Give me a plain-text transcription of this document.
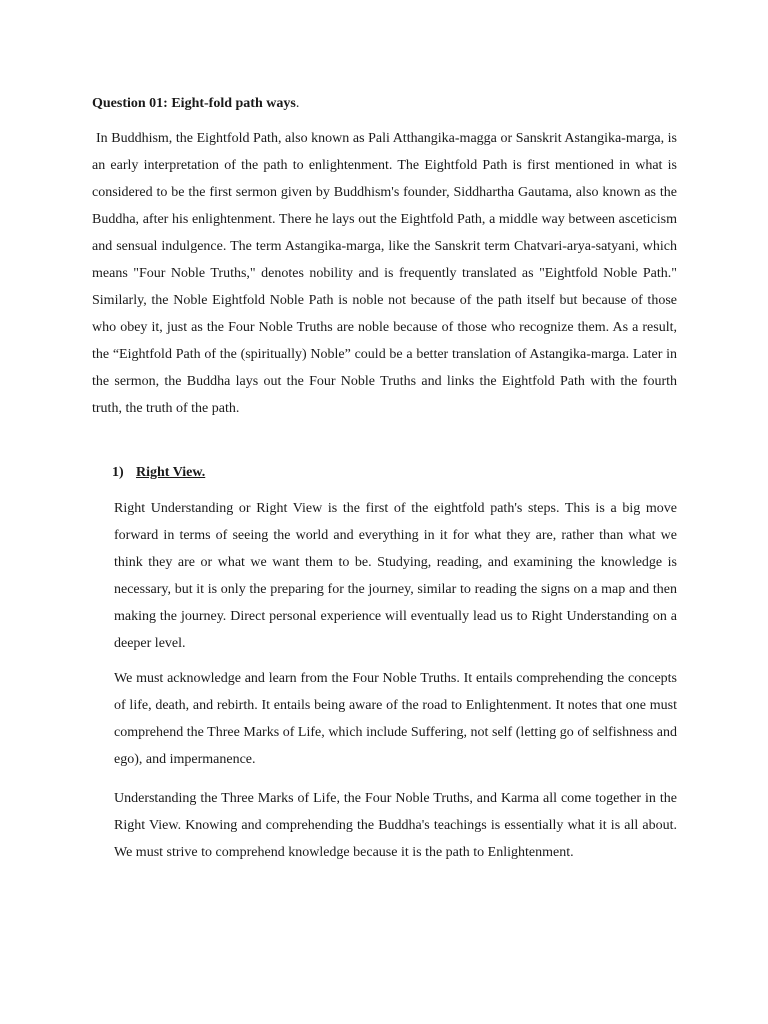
Question 01: Eight-fold path ways.

In Buddhism, the Eightfold Path, also known as Pali Atthangika-magga or Sanskrit Astangika-marga, is an early interpretation of the path to enlightenment. The Eightfold Path is first mentioned in what is considered to be the first sermon given by Buddhism's founder, Siddhartha Gautama, also known as the Buddha, after his enlightenment. There he lays out the Eightfold Path, a middle way between asceticism and sensual indulgence. The term Astangika-marga, like the Sanskrit term Chatvari-arya-satyani, which means "Four Noble Truths," denotes nobility and is frequently translated as "Eightfold Noble Path." Similarly, the Noble Eightfold Noble Path is noble not because of the path itself but because of those who obey it, just as the Four Noble Truths are noble because of those who recognize them. As a result, the “Eightfold Path of the (spiritually) Noble” could be a better translation of Astangika-marga. Later in the sermon, the Buddha lays out the Four Noble Truths and links the Eightfold Path with the fourth truth, the truth of the path.

1) Right View.

Right Understanding or Right View is the first of the eightfold path's steps. This is a big move forward in terms of seeing the world and everything in it for what they are, rather than what we think they are or what we want them to be. Studying, reading, and examining the knowledge is necessary, but it is only the preparing for the journey, similar to reading the signs on a map and then making the journey. Direct personal experience will eventually lead us to Right Understanding on a deeper level.

We must acknowledge and learn from the Four Noble Truths. It entails comprehending the concepts of life, death, and rebirth. It entails being aware of the road to Enlightenment. It notes that one must comprehend the Three Marks of Life, which include Suffering, not self (letting go of selfishness and ego), and impermanence.

Understanding the Three Marks of Life, the Four Noble Truths, and Karma all come together in the Right View. Knowing and comprehending the Buddha's teachings is essentially what it is all about. We must strive to comprehend knowledge because it is the path to Enlightenment.
